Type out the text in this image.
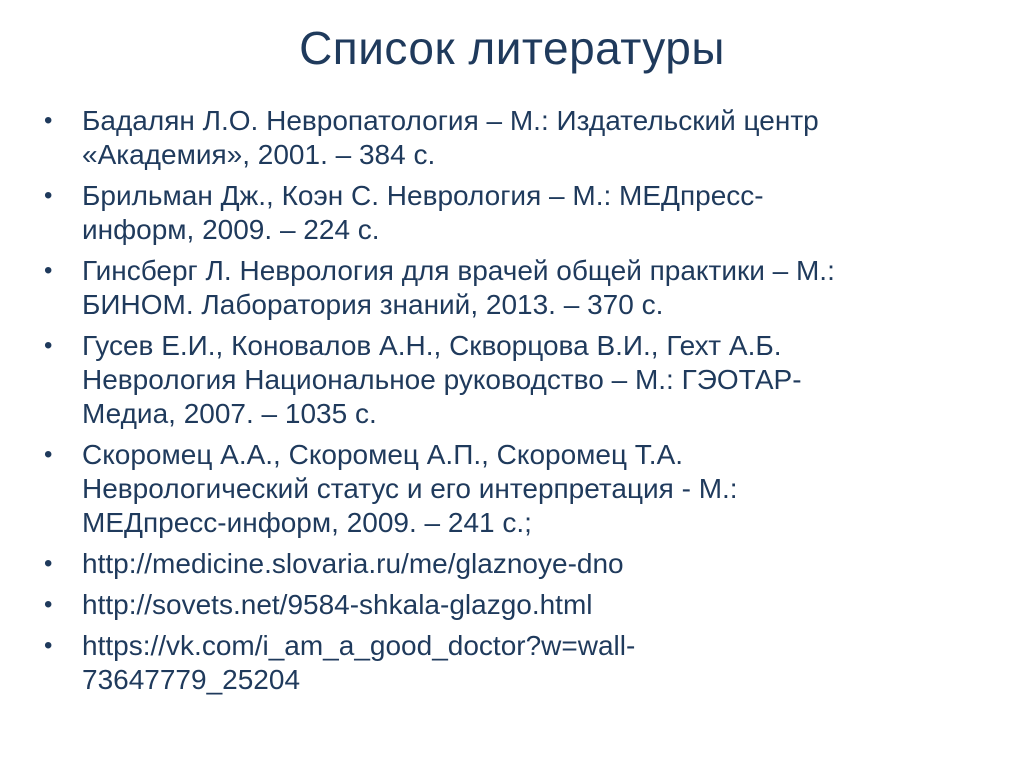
Список литературы
•	Бадалян Л.О. Невропатология – М.: Издательский центр
«Академия», 2001. – 384 с.
•	Брильман Дж., Коэн С. Неврология – М.: МЕДпресс-
информ, 2009. – 224 с.
•	Гинсберг Л. Неврология для врачей общей практики – М.:
БИНОМ. Лаборатория знаний, 2013. – 370 с.
•	Гусев Е.И., Коновалов А.Н., Скворцова В.И., Гехт А.Б.
Неврология Национальное руководство – М.: ГЭОТАР-
Медиа, 2007. – 1035 с.
•	Скоромец А.А., Скоромец А.П., Скоромец Т.А.
Неврологический статус и его интерпретация - М.:
МЕДпресс-информ, 2009. – 241 с.;
•	http://medicine.slovaria.ru/me/glaznoye-dno
•	http://sovets.net/9584-shkala-glazgo.html
•	https://vk.com/i_am_a_good_doctor?w=wall-
73647779_25204
